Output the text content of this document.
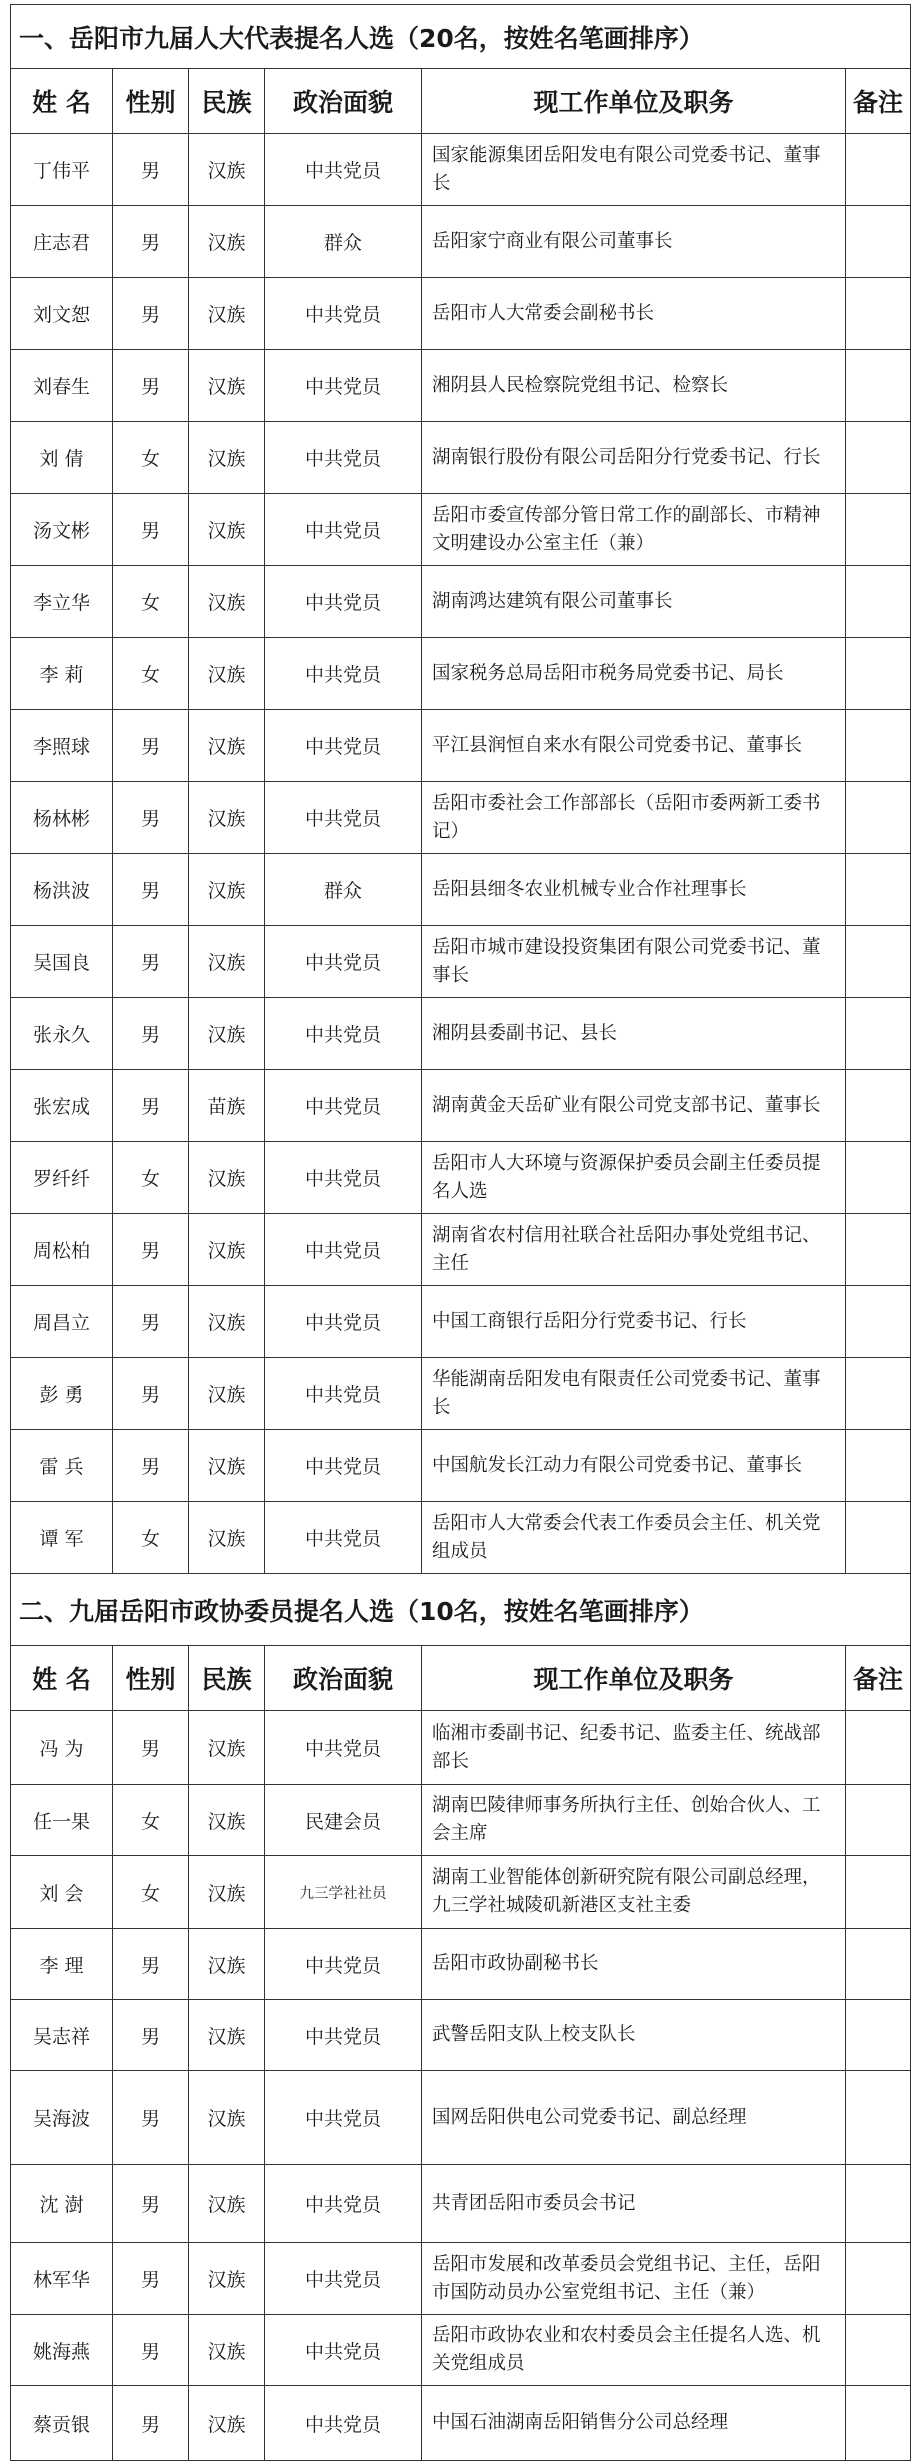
一、岳阳市九届人大代表提名人选（20名，按姓名笔画排序）					
姓 名	性别	民族	政治面貌	现工作单位及职务	备注
丁伟平	男	汉族	中共党员	国家能源集团岳阳发电有限公司党委书记、董事长	
庄志君	男	汉族	群众	岳阳家宁商业有限公司董事长	
刘文恕	男	汉族	中共党员	岳阳市人大常委会副秘书长	
刘春生	男	汉族	中共党员	湘阴县人民检察院党组书记、检察长	
刘 倩	女	汉族	中共党员	湖南银行股份有限公司岳阳分行党委书记、行长	
汤文彬	男	汉族	中共党员	岳阳市委宣传部分管日常工作的副部长、市精神文明建设办公室主任（兼）	
李立华	女	汉族	中共党员	湖南鸿达建筑有限公司董事长	
李 莉	女	汉族	中共党员	国家税务总局岳阳市税务局党委书记、局长	
李照球	男	汉族	中共党员	平江县润恒自来水有限公司党委书记、董事长	
杨林彬	男	汉族	中共党员	岳阳市委社会工作部部长（岳阳市委两新工委书记）	
杨洪波	男	汉族	群众	岳阳县细冬农业机械专业合作社理事长	
吴国良	男	汉族	中共党员	岳阳市城市建设投资集团有限公司党委书记、董事长	
张永久	男	汉族	中共党员	湘阴县委副书记、县长	
张宏成	男	苗族	中共党员	湖南黄金天岳矿业有限公司党支部书记、董事长	
罗纤纤	女	汉族	中共党员	岳阳市人大环境与资源保护委员会副主任委员提名人选	
周松柏	男	汉族	中共党员	湖南省农村信用社联合社岳阳办事处党组书记、主任	
周昌立	男	汉族	中共党员	中国工商银行岳阳分行党委书记、行长	
彭 勇	男	汉族	中共党员	华能湖南岳阳发电有限责任公司党委书记、董事长	
雷 兵	男	汉族	中共党员	中国航发长江动力有限公司党委书记、董事长	
谭 军	女	汉族	中共党员	岳阳市人大常委会代表工作委员会主任、机关党组成员	
二、九届岳阳市政协委员提名人选（10名，按姓名笔画排序）					
姓 名	性别	民族	政治面貌	现工作单位及职务	备注
冯 为	男	汉族	中共党员	临湘市委副书记、纪委书记、监委主任、统战部部长	
任一果	女	汉族	民建会员	湖南巴陵律师事务所执行主任、创始合伙人、工会主席	
刘 会	女	汉族	九三学社社员	湖南工业智能体创新研究院有限公司副总经理，九三学社城陵矶新港区支社主委	
李 理	男	汉族	中共党员	岳阳市政协副秘书长	
吴志祥	男	汉族	中共党员	武警岳阳支队上校支队长	
吴海波	男	汉族	中共党员	国网岳阳供电公司党委书记、副总经理	
沈 澍	男	汉族	中共党员	共青团岳阳市委员会书记	
林军华	男	汉族	中共党员	岳阳市发展和改革委员会党组书记、主任，岳阳市国防动员办公室党组书记、主任（兼）	
姚海燕	男	汉族	中共党员	岳阳市政协农业和农村委员会主任提名人选、机关党组成员	
蔡贡银	男	汉族	中共党员	中国石油湖南岳阳销售分公司总经理	
